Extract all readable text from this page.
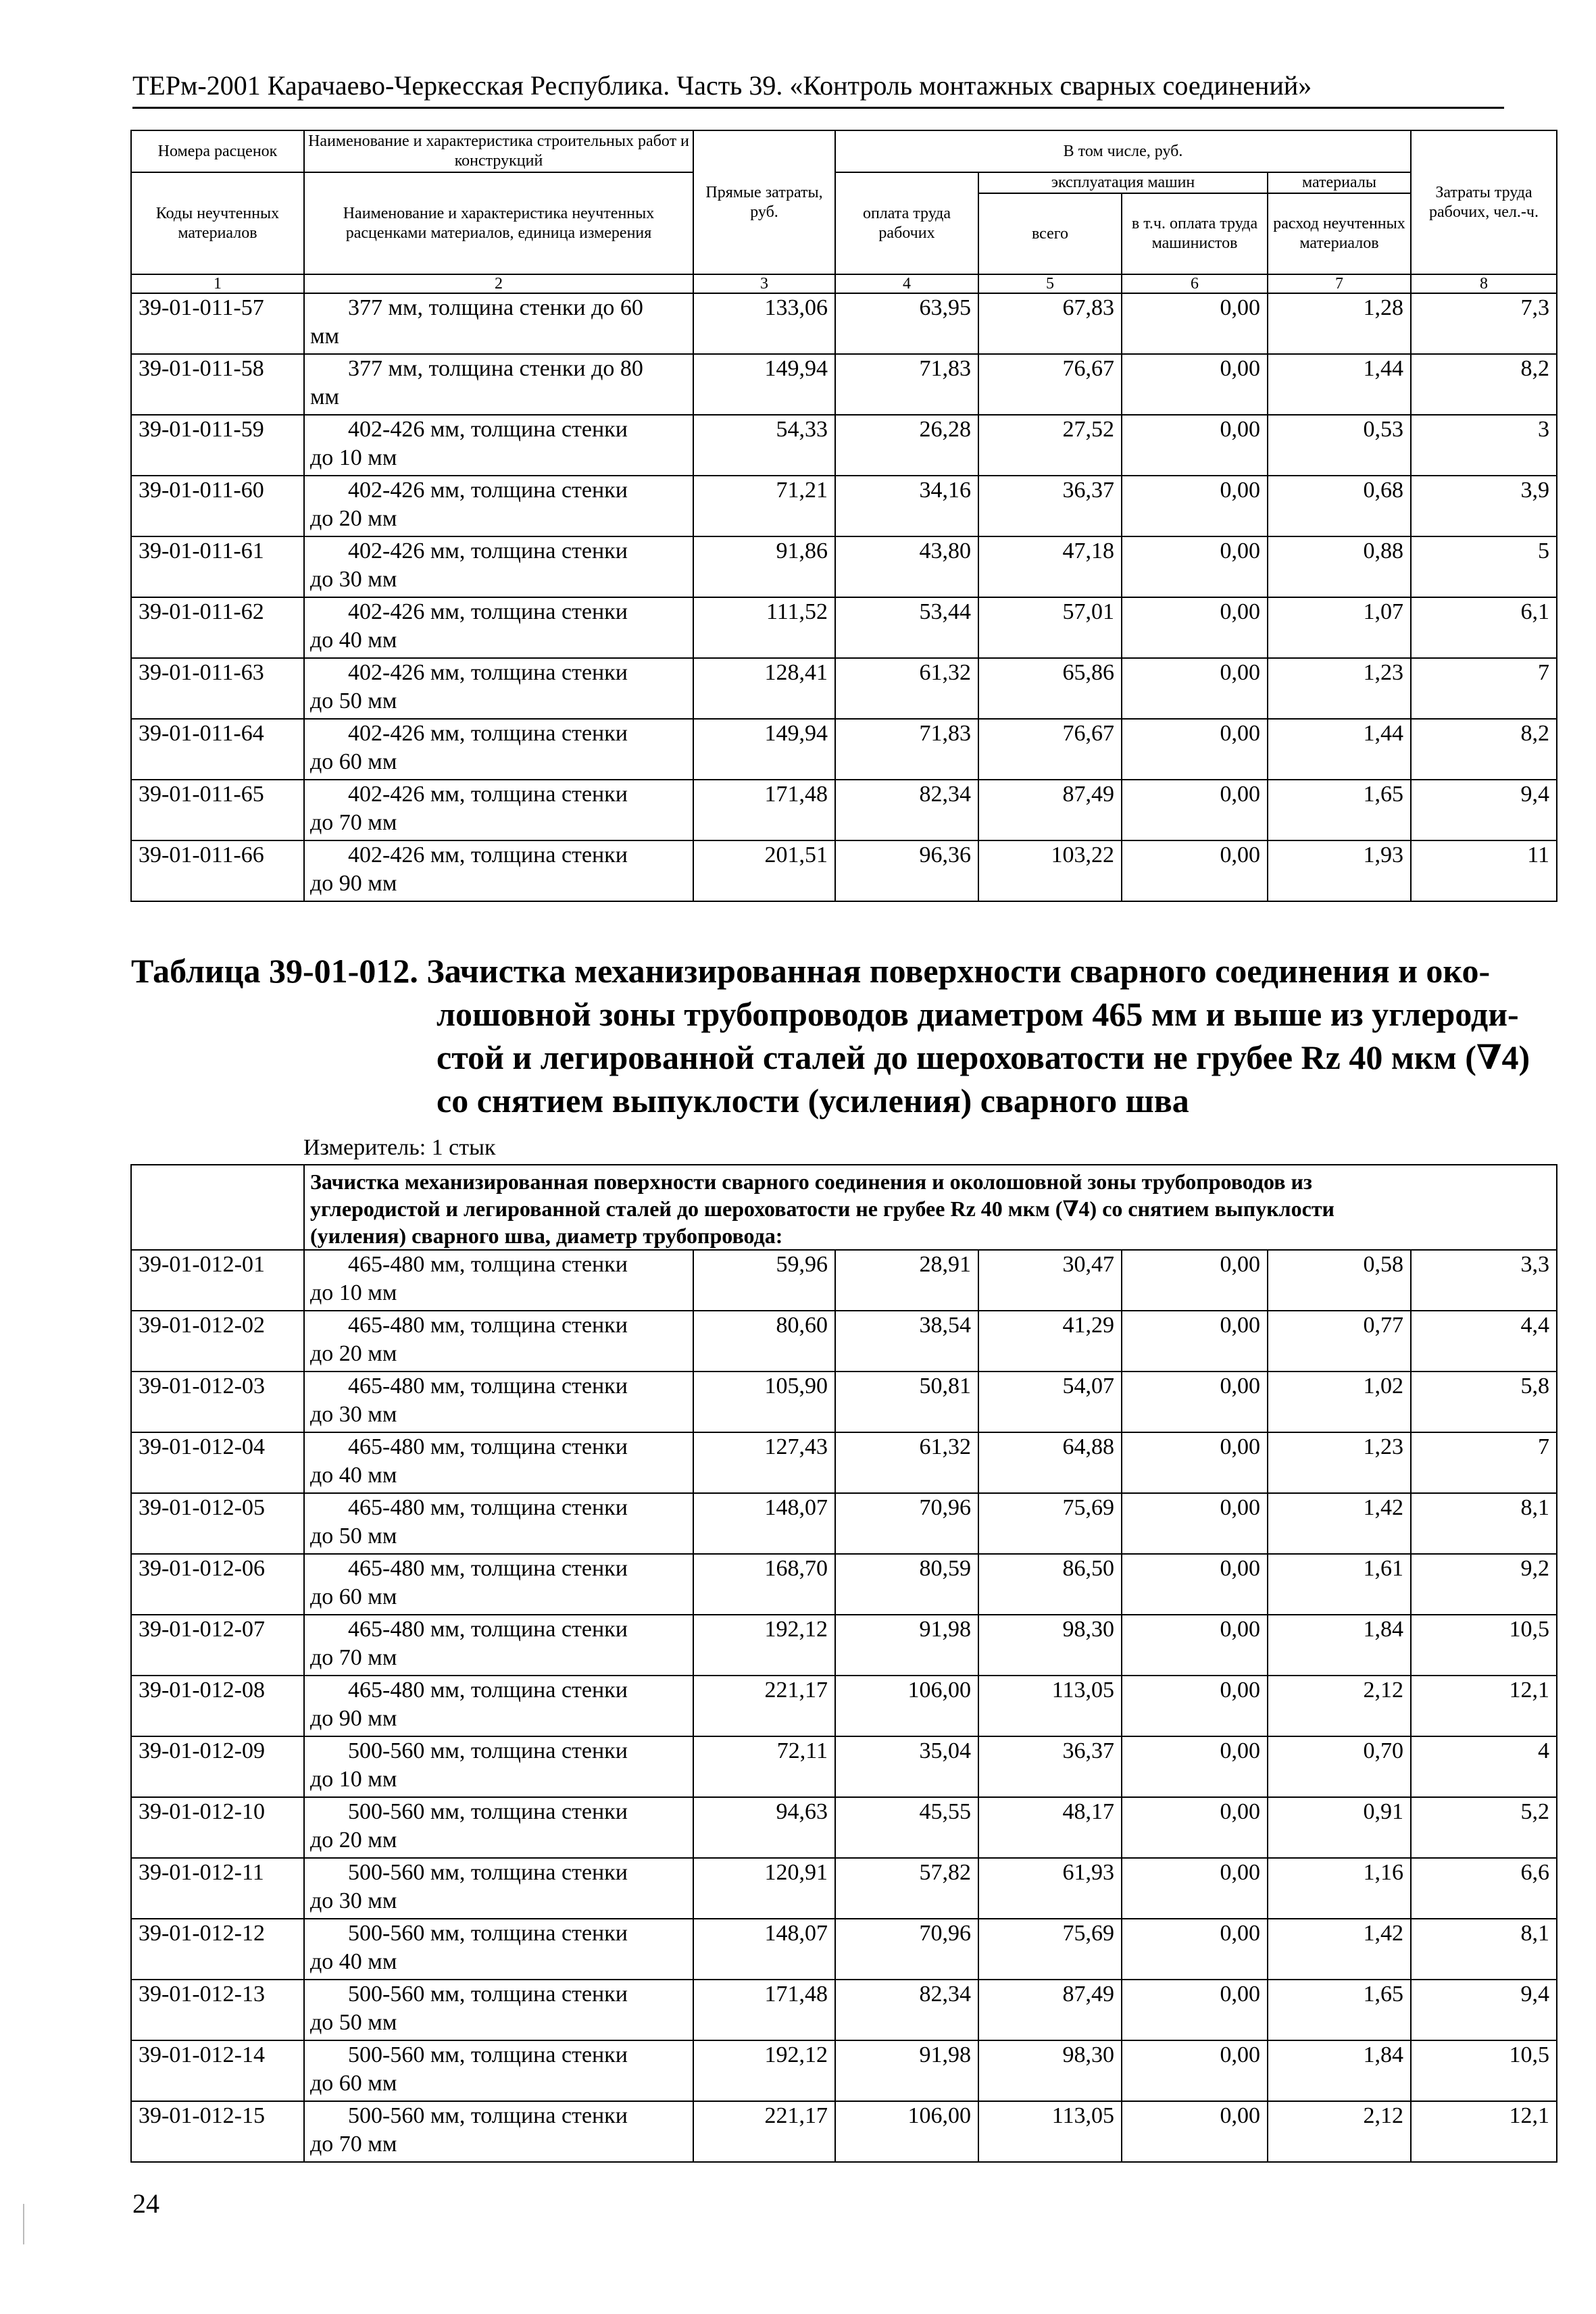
ТЕРм-2001 Карачаево-Черкесская Республика. Часть 39. «Контроль монтажных сварных соединений»
Номера расценок	Наименование и характеристика строительных работ и конструкций	Прямые затраты, руб.	В том числе, руб.				Затраты труда рабочих, чел.-ч.
Коды неучтенных материалов	Наименование и характеристика неучтенных расценками материалов, единица измерения		оплата труда рабочих	эксплуатация машин		материалы	
				всего	в т.ч. оплата труда машинистов	расход неучтенных материалов	
1	2	3	4	5	6	7	8
39-01-011-57	377 мм, толщина стенки до 60
мм	133,06	63,95	67,83	0,00	1,28	7,3
39-01-011-58	377 мм, толщина стенки до 80
мм	149,94	71,83	76,67	0,00	1,44	8,2
39-01-011-59	402-426 мм, толщина стенки
до 10 мм	54,33	26,28	27,52	0,00	0,53	3
39-01-011-60	402-426 мм, толщина стенки
до 20 мм	71,21	34,16	36,37	0,00	0,68	3,9
39-01-011-61	402-426 мм, толщина стенки
до 30 мм	91,86	43,80	47,18	0,00	0,88	5
39-01-011-62	402-426 мм, толщина стенки
до 40 мм	111,52	53,44	57,01	0,00	1,07	6,1
39-01-011-63	402-426 мм, толщина стенки
до 50 мм	128,41	61,32	65,86	0,00	1,23	7
39-01-011-64	402-426 мм, толщина стенки
до 60 мм	149,94	71,83	76,67	0,00	1,44	8,2
39-01-011-65	402-426 мм, толщина стенки
до 70 мм	171,48	82,34	87,49	0,00	1,65	9,4
39-01-011-66	402-426 мм, толщина стенки
до 90 мм	201,51	96,36	103,22	0,00	1,93	11

Таблица 39-01-012. Зачистка механизированная поверхности сварного соединения и око-
лошовной зоны трубопроводов диаметром 465 мм и выше из углероди-
стой и легированной сталей до шероховатости не грубее Rz 40 мкм (∇4)
со снятием выпуклости (усиления) сварного шва
Измеритель: 1 стык							

	Зачистка механизированная поверхности сварного соединения и околошовной зоны трубопроводов из
углеродистой и легированной сталей до шероховатости не грубее Rz 40 мкм (∇4) со снятием выпуклости
(уиления) сварного шва, диаметр трубопровода:						

39-01-012-01	465-480 мм, толщина стенки
до 10 мм	59,96	28,91	30,47	0,00	0,58	3,3
39-01-012-02	465-480 мм, толщина стенки
до 20 мм	80,60	38,54	41,29	0,00	0,77	4,4
39-01-012-03	465-480 мм, толщина стенки
до 30 мм	105,90	50,81	54,07	0,00	1,02	5,8
39-01-012-04	465-480 мм, толщина стенки
до 40 мм	127,43	61,32	64,88	0,00	1,23	7
39-01-012-05	465-480 мм, толщина стенки
до 50 мм	148,07	70,96	75,69	0,00	1,42	8,1
39-01-012-06	465-480 мм, толщина стенки
до 60 мм	168,70	80,59	86,50	0,00	1,61	9,2
39-01-012-07	465-480 мм, толщина стенки
до 70 мм	192,12	91,98	98,30	0,00	1,84	10,5
39-01-012-08	465-480 мм, толщина стенки
до 90 мм	221,17	106,00	113,05	0,00	2,12	12,1
39-01-012-09	500-560 мм, толщина стенки
до 10 мм	72,11	35,04	36,37	0,00	0,70	4
39-01-012-10	500-560 мм, толщина стенки
до 20 мм	94,63	45,55	48,17	0,00	0,91	5,2
39-01-012-11	500-560 мм, толщина стенки
до 30 мм	120,91	57,82	61,93	0,00	1,16	6,6
39-01-012-12	500-560 мм, толщина стенки
до 40 мм	148,07	70,96	75,69	0,00	1,42	8,1
39-01-012-13	500-560 мм, толщина стенки
до 50 мм	171,48	82,34	87,49	0,00	1,65	9,4
39-01-012-14	500-560 мм, толщина стенки
до 60 мм	192,12	91,98	98,30	0,00	1,84	10,5
39-01-012-15	500-560 мм, толщина стенки
до 70 мм	221,17	106,00	113,05	0,00	2,12	12,1
24
